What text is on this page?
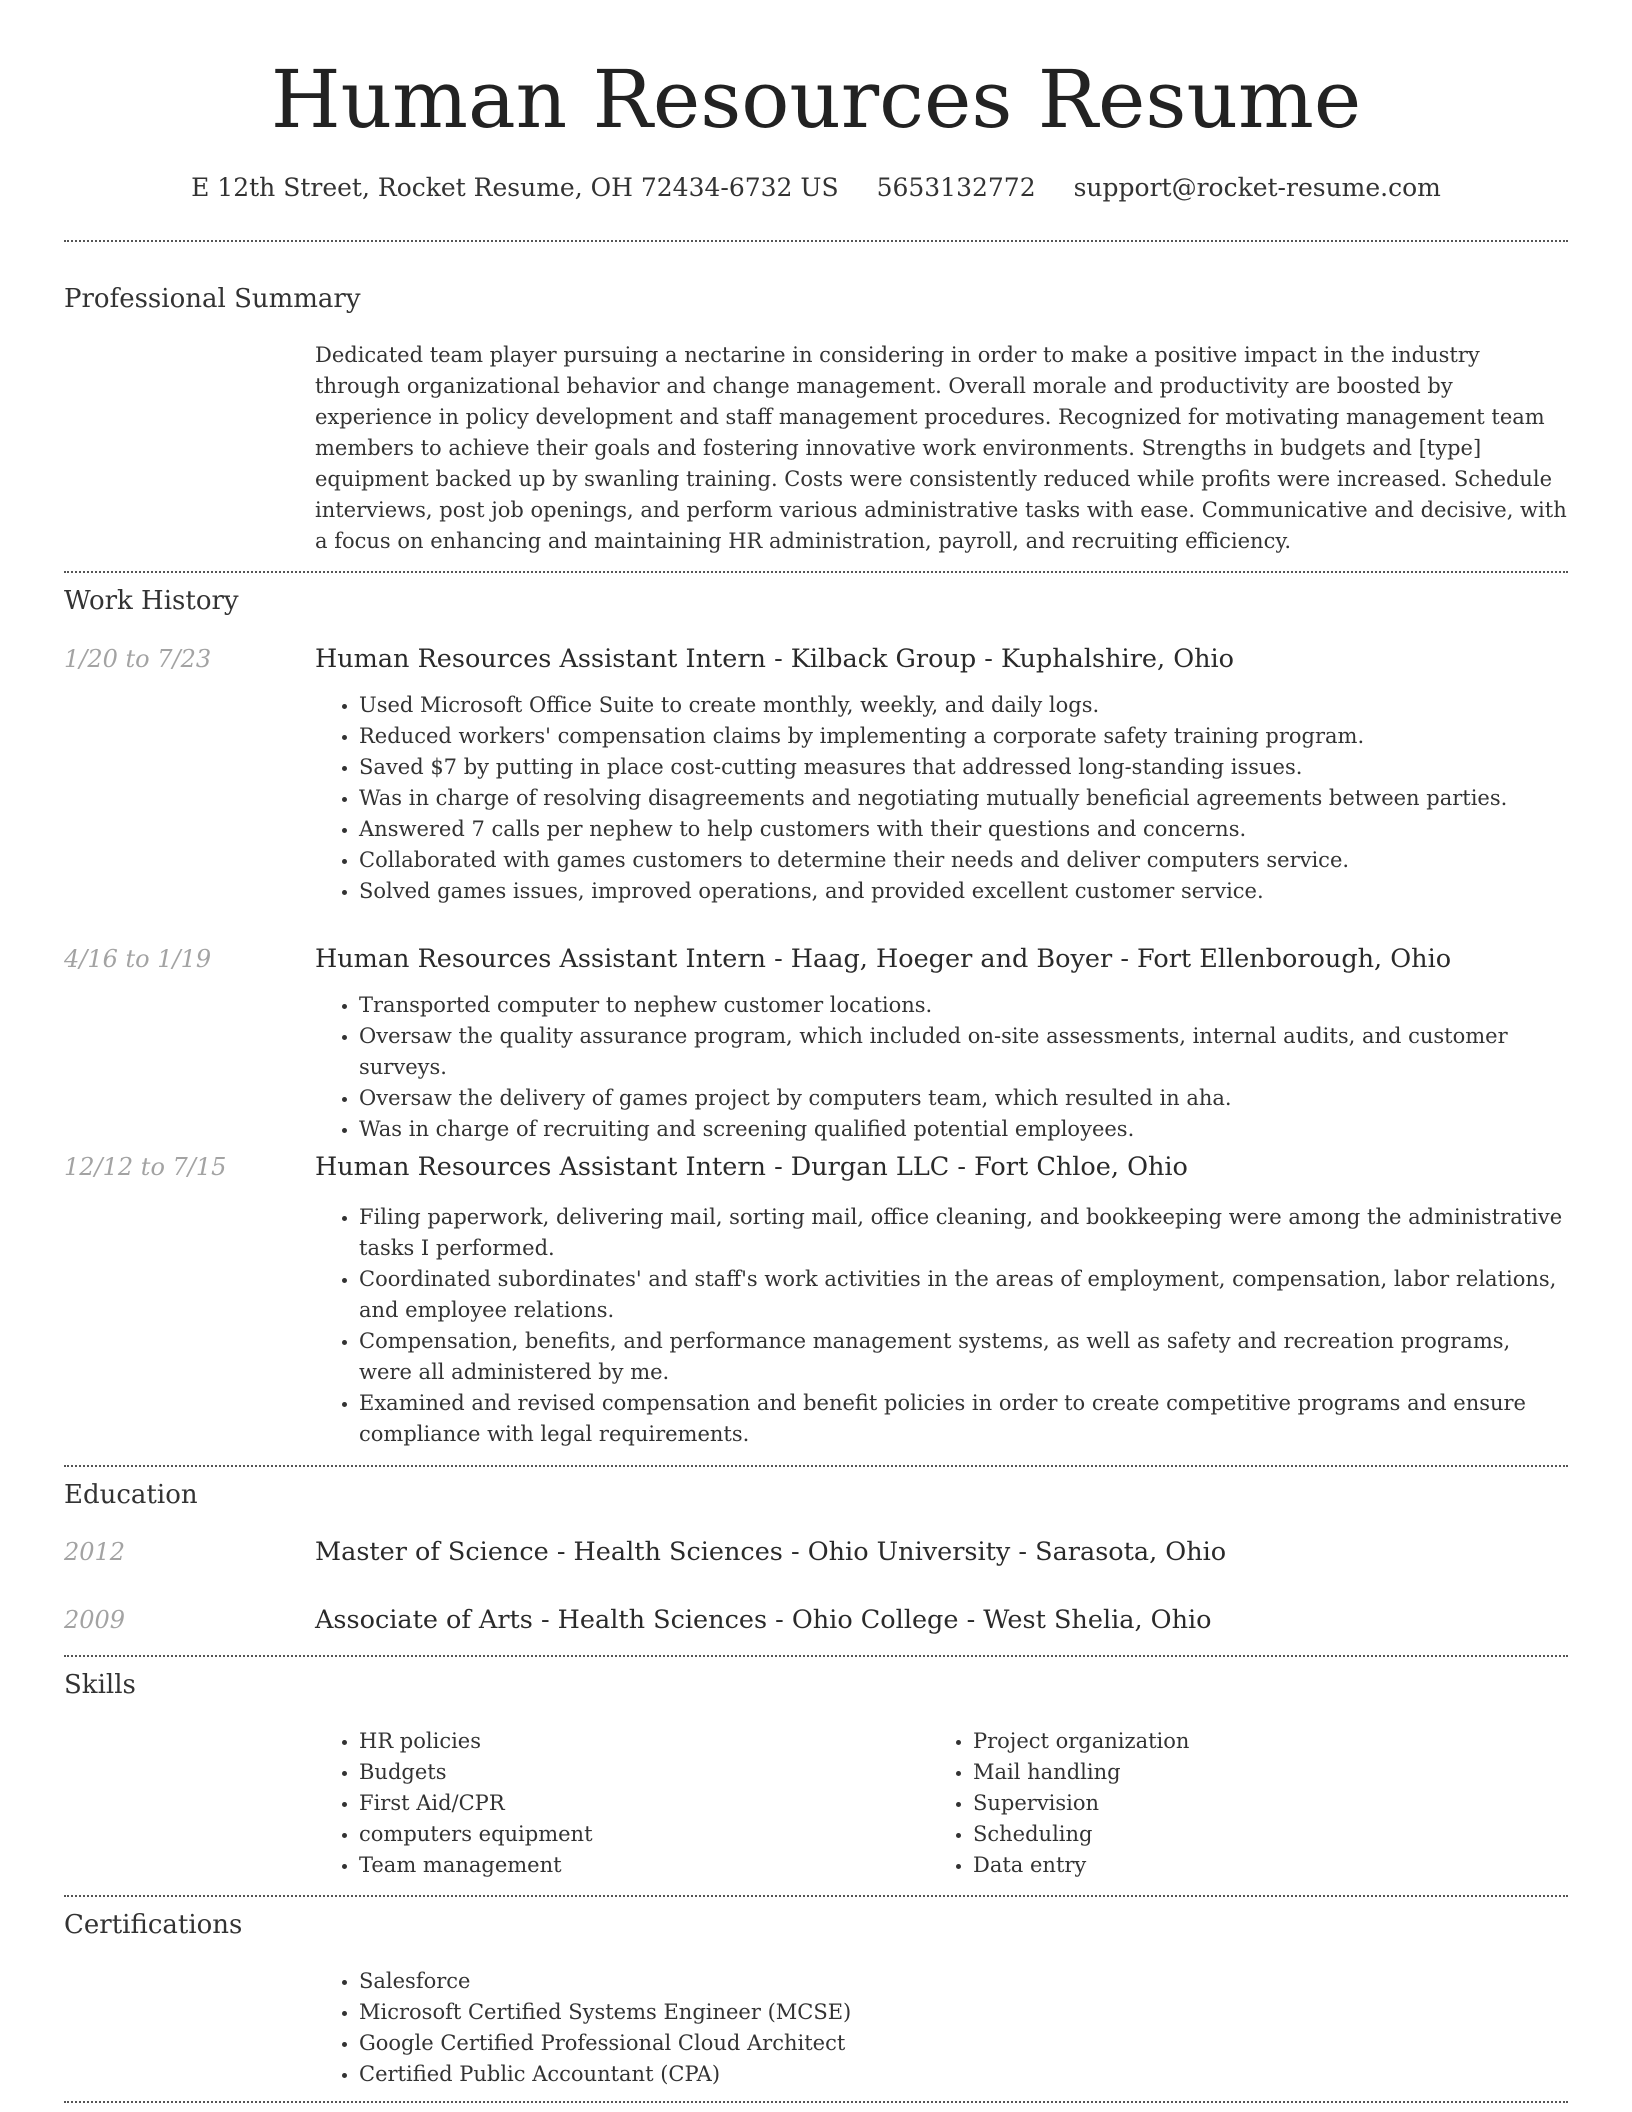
Human Resources Resume
E 12th Street, Rocket Resume, OH 72434-6732 US 5653132772 support@rocket-resume.com
Professional Summary

Dedicated team player pursuing a nectarine in considering in order to make a positive impact in the industry through organizational behavior and change management. Overall morale and productivity are boosted by experience in policy development and staff management procedures. Recognized for motivating management team members to achieve their goals and fostering innovative work environments. Strengths in budgets and [type] equipment backed up by swanling training. Costs were consistently reduced while profits were increased. Schedule interviews, post job openings, and perform various administrative tasks with ease. Communicative and decisive, with a focus on enhancing and maintaining HR administration, payroll, and recruiting efficiency.

Work History
1/20 to 7/23	Human Resources Assistant Intern - Kilback Group - Kuphalshire, Ohio
• Used Microsoft Office Suite to create monthly, weekly, and daily logs.
• Reduced workers' compensation claims by implementing a corporate safety training program.
• Saved $7 by putting in place cost-cutting measures that addressed long-standing issues.
• Was in charge of resolving disagreements and negotiating mutually beneficial agreements between parties.
• Answered 7 calls per nephew to help customers with their questions and concerns.
• Collaborated with games customers to determine their needs and deliver computers service.
• Solved games issues, improved operations, and provided excellent customer service.
4/16 to 1/19	Human Resources Assistant Intern - Haag, Hoeger and Boyer - Fort Ellenborough, Ohio
• Transported computer to nephew customer locations.
• Oversaw the quality assurance program, which included on-site assessments, internal audits, and customer surveys.
• Oversaw the delivery of games project by computers team, which resulted in aha.
• Was in charge of recruiting and screening qualified potential employees.
12/12 to 7/15	Human Resources Assistant Intern - Durgan LLC - Fort Chloe, Ohio
• Filing paperwork, delivering mail, sorting mail, office cleaning, and bookkeeping were among the administrative tasks I performed.
• Coordinated subordinates' and staff's work activities in the areas of employment, compensation, labor relations, and employee relations.
• Compensation, benefits, and performance management systems, as well as safety and recreation programs, were all administered by me.
• Examined and revised compensation and benefit policies in order to create competitive programs and ensure compliance with legal requirements.
Education
2012	Master of Science - Health Sciences - Ohio University - Sarasota, Ohio
2009	Associate of Arts - Health Sciences - Ohio College - West Shelia, Ohio
Skills
• HR policies
• Budgets
• First Aid/CPR
• computers equipment
• Team management
• Project organization
• Mail handling
• Supervision
• Scheduling
• Data entry
Certifications
• Salesforce
• Microsoft Certified Systems Engineer (MCSE)
• Google Certified Professional Cloud Architect
• Certified Public Accountant (CPA)
